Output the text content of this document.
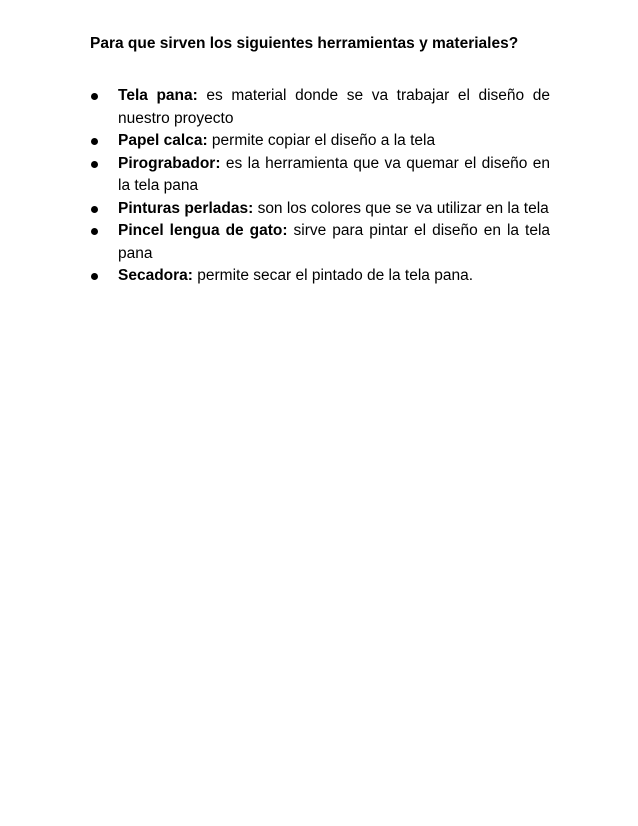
Para que sirven los siguientes herramientas y materiales?
Tela pana: es material donde se va trabajar el diseño de nuestro proyecto
Papel calca: permite copiar el diseño a la tela
Pirograbador: es la herramienta que va quemar el diseño en la tela pana
Pinturas perladas: son los colores que se va utilizar en la tela
Pincel lengua de gato: sirve para pintar el diseño en la tela pana
Secadora: permite secar el pintado de la tela pana.
